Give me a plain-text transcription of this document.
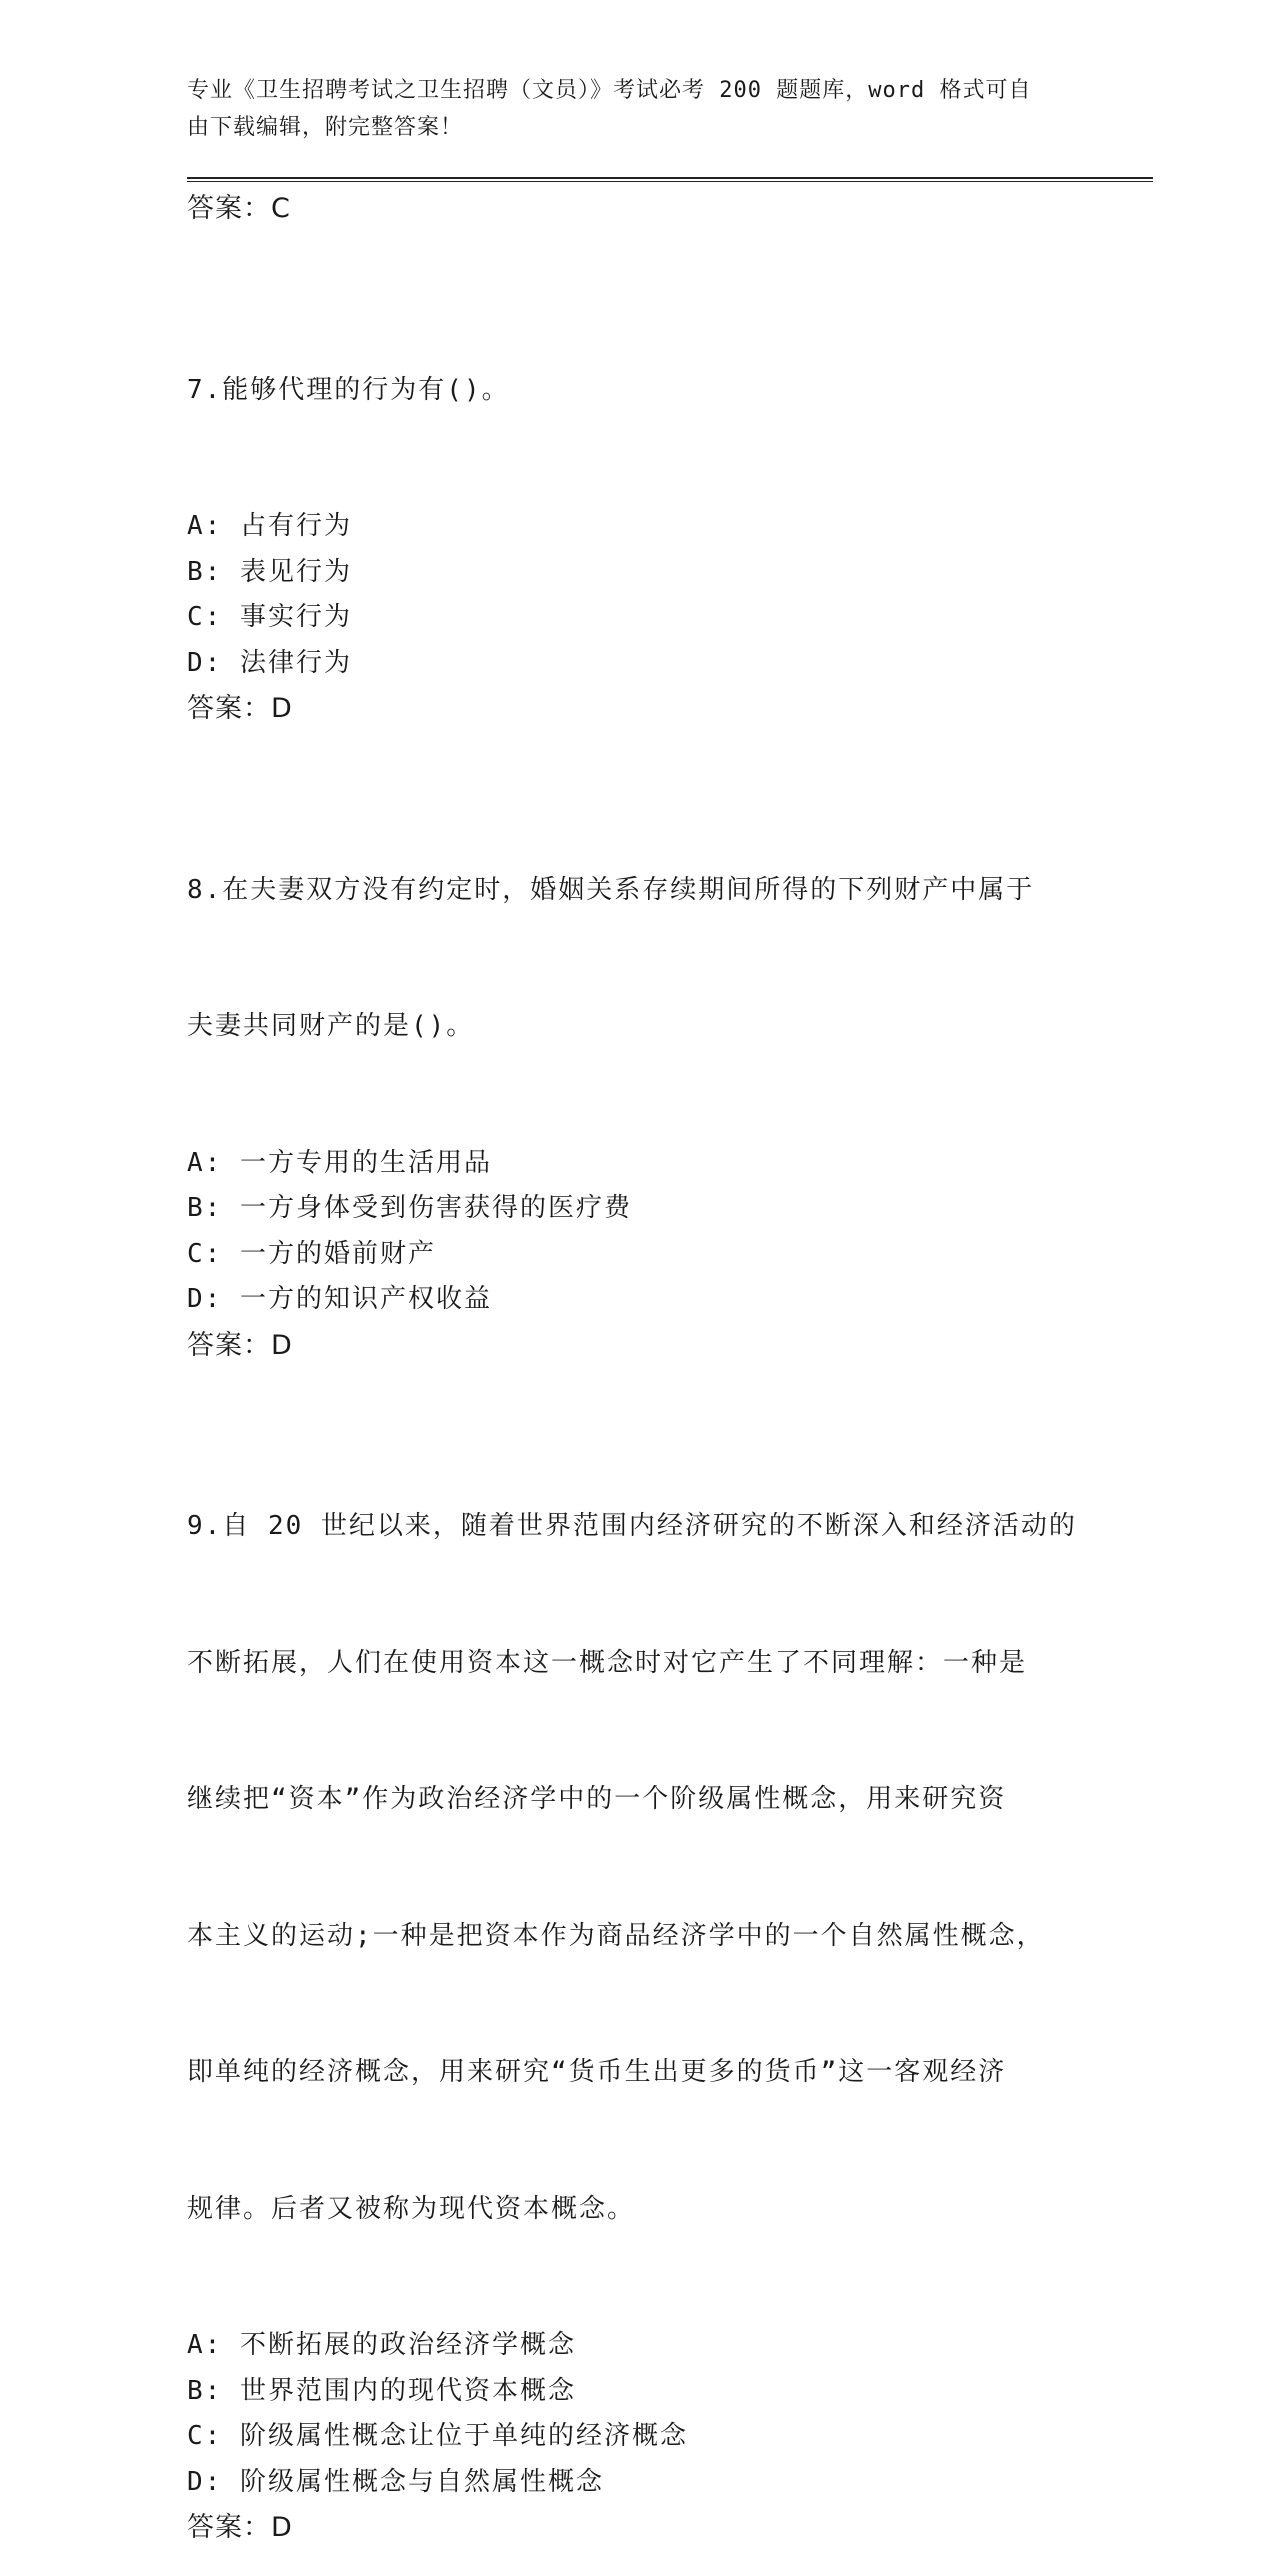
专业《卫生招聘考试之卫生招聘（文员）》考试必考 200 题题库，word 格式可自
由下载编辑，附完整答案！

答案：C

7.能够代理的行为有()。

A: 占有行为

B: 表见行为

C: 事实行为

D: 法律行为

答案：D

8.在夫妻双方没有约定时，婚姻关系存续期间所得的下列财产中属于

夫妻共同财产的是()。

A: 一方专用的生活用品

B: 一方身体受到伤害获得的医疗费

C: 一方的婚前财产

D: 一方的知识产权收益

答案：D

9.自 20 世纪以来，随着世界范围内经济研究的不断深入和经济活动的

不断拓展，人们在使用资本这一概念时对它产生了不同理解：一种是

继续把“资本”作为政治经济学中的一个阶级属性概念，用来研究资

本主义的运动;一种是把资本作为商品经济学中的一个自然属性概念，

即单纯的经济概念，用来研究“货币生出更多的货币”这一客观经济

规律。后者又被称为现代资本概念。

A: 不断拓展的政治经济学概念

B: 世界范围内的现代资本概念

C: 阶级属性概念让位于单纯的经济概念

D: 阶级属性概念与自然属性概念

答案：D
